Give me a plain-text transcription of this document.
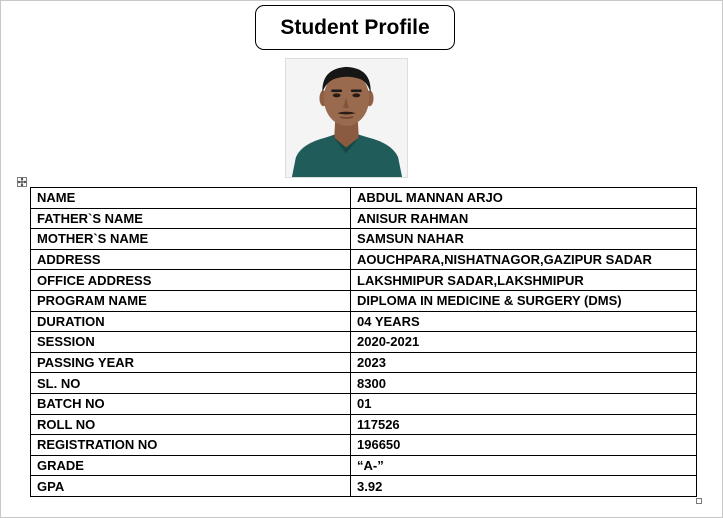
Student Profile
NAME	ABDUL MANNAN ARJO
FATHER`S NAME	ANISUR RAHMAN
MOTHER`S NAME	SAMSUN NAHAR
ADDRESS	AOUCHPARA,NISHATNAGOR,GAZIPUR SADAR
OFFICE ADDRESS	LAKSHMIPUR SADAR,LAKSHMIPUR
PROGRAM NAME	DIPLOMA IN MEDICINE & SURGERY (DMS)
DURATION	04 YEARS
SESSION	2020-2021
PASSING YEAR	2023
SL. NO	8300
BATCH NO	01
ROLL NO	117526
REGISTRATION NO	196650
GRADE	“A-”
GPA	3.92
